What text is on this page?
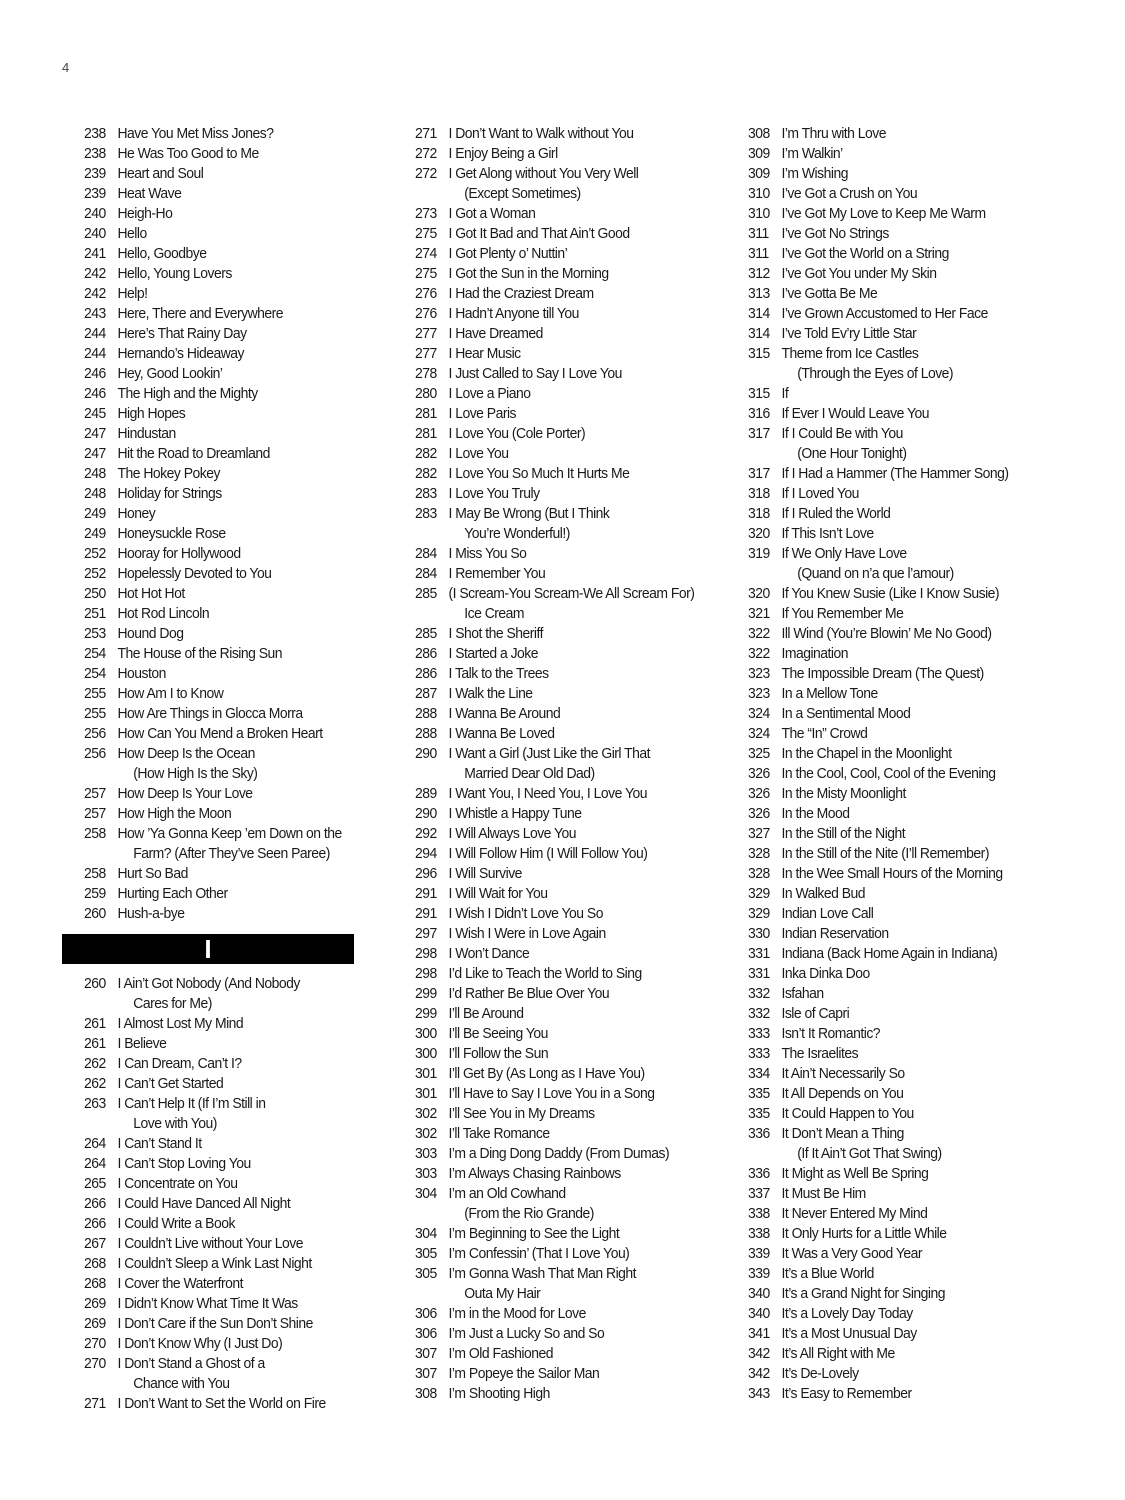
4
238 Have You Met Miss Jones?
238 He Was Too Good to Me
239 Heart and Soul
239 Heat Wave
240 Heigh-Ho
240 Hello
241 Hello, Goodbye
242 Hello, Young Lovers
242 Help!
243 Here, There and Everywhere
244 Here’s That Rainy Day
244 Hernando’s Hideaway
246 Hey, Good Lookin’
246 The High and the Mighty
245 High Hopes
247 Hindustan
247 Hit the Road to Dreamland
248 The Hokey Pokey
248 Holiday for Strings
249 Honey
249 Honeysuckle Rose
252 Hooray for Hollywood
252 Hopelessly Devoted to You
250 Hot Hot Hot
251 Hot Rod Lincoln
253 Hound Dog
254 The House of the Rising Sun
254 Houston
255 How Am I to Know
255 How Are Things in Glocca Morra
256 How Can You Mend a Broken Heart
256 How Deep Is the Ocean
(How High Is the Sky)
257 How Deep Is Your Love
257 How High the Moon
258 How ’Ya Gonna Keep ’em Down on the
Farm? (After They’ve Seen Paree)
258 Hurt So Bad
259 Hurting Each Other
260 Hush-a-bye
I
260 I Ain’t Got Nobody (And Nobody
Cares for Me)
261 I Almost Lost My Mind
261 I Believe
262 I Can Dream, Can’t I?
262 I Can’t Get Started
263 I Can’t Help It (If I’m Still in
Love with You)
264 I Can’t Stand It
264 I Can’t Stop Loving You
265 I Concentrate on You
266 I Could Have Danced All Night
266 I Could Write a Book
267 I Couldn’t Live without Your Love
268 I Couldn’t Sleep a Wink Last Night
268 I Cover the Waterfront
269 I Didn’t Know What Time It Was
269 I Don’t Care if the Sun Don’t Shine
270 I Don’t Know Why (I Just Do)
270 I Don’t Stand a Ghost of a
Chance with You
271 I Don’t Want to Set the World on Fire
271 I Don’t Want to Walk without You
272 I Enjoy Being a Girl
272 I Get Along without You Very Well
(Except Sometimes)
273 I Got a Woman
275 I Got It Bad and That Ain’t Good
274 I Got Plenty o’ Nuttin’
275 I Got the Sun in the Morning
276 I Had the Craziest Dream
276 I Hadn’t Anyone till You
277 I Have Dreamed
277 I Hear Music
278 I Just Called to Say I Love You
280 I Love a Piano
281 I Love Paris
281 I Love You (Cole Porter)
282 I Love You
282 I Love You So Much It Hurts Me
283 I Love You Truly
283 I May Be Wrong (But I Think
You’re Wonderful!)
284 I Miss You So
284 I Remember You
285 (I Scream-You Scream-We All Scream For)
Ice Cream
285 I Shot the Sheriff
286 I Started a Joke
286 I Talk to the Trees
287 I Walk the Line
288 I Wanna Be Around
288 I Wanna Be Loved
290 I Want a Girl (Just Like the Girl That
Married Dear Old Dad)
289 I Want You, I Need You, I Love You
290 I Whistle a Happy Tune
292 I Will Always Love You
294 I Will Follow Him (I Will Follow You)
296 I Will Survive
291 I Will Wait for You
291 I Wish I Didn’t Love You So
297 I Wish I Were in Love Again
298 I Won’t Dance
298 I’d Like to Teach the World to Sing
299 I’d Rather Be Blue Over You
299 I’ll Be Around
300 I’ll Be Seeing You
300 I’ll Follow the Sun
301 I’ll Get By (As Long as I Have You)
301 I’ll Have to Say I Love You in a Song
302 I’ll See You in My Dreams
302 I’ll Take Romance
303 I’m a Ding Dong Daddy (From Dumas)
303 I’m Always Chasing Rainbows
304 I’m an Old Cowhand
(From the Rio Grande)
304 I’m Beginning to See the Light
305 I’m Confessin’ (That I Love You)
305 I’m Gonna Wash That Man Right
Outa My Hair
306 I’m in the Mood for Love
306 I’m Just a Lucky So and So
307 I’m Old Fashioned
307 I’m Popeye the Sailor Man
308 I’m Shooting High
308 I’m Thru with Love
309 I’m Walkin’
309 I’m Wishing
310 I’ve Got a Crush on You
310 I’ve Got My Love to Keep Me Warm
311 I’ve Got No Strings
311 I’ve Got the World on a String
312 I’ve Got You under My Skin
313 I’ve Gotta Be Me
314 I’ve Grown Accustomed to Her Face
314 I’ve Told Ev’ry Little Star
315 Theme from Ice Castles
(Through the Eyes of Love)
315 If
316 If Ever I Would Leave You
317 If I Could Be with You
(One Hour Tonight)
317 If I Had a Hammer (The Hammer Song)
318 If I Loved You
318 If I Ruled the World
320 If This Isn’t Love
319 If We Only Have Love
(Quand on n’a que l’amour)
320 If You Knew Susie (Like I Know Susie)
321 If You Remember Me
322 Ill Wind (You’re Blowin’ Me No Good)
322 Imagination
323 The Impossible Dream (The Quest)
323 In a Mellow Tone
324 In a Sentimental Mood
324 The “In” Crowd
325 In the Chapel in the Moonlight
326 In the Cool, Cool, Cool of the Evening
326 In the Misty Moonlight
326 In the Mood
327 In the Still of the Night
328 In the Still of the Nite (I’ll Remember)
328 In the Wee Small Hours of the Morning
329 In Walked Bud
329 Indian Love Call
330 Indian Reservation
331 Indiana (Back Home Again in Indiana)
331 Inka Dinka Doo
332 Isfahan
332 Isle of Capri
333 Isn’t It Romantic?
333 The Israelites
334 It Ain’t Necessarily So
335 It All Depends on You
335 It Could Happen to You
336 It Don’t Mean a Thing
(If It Ain’t Got That Swing)
336 It Might as Well Be Spring
337 It Must Be Him
338 It Never Entered My Mind
338 It Only Hurts for a Little While
339 It Was a Very Good Year
339 It’s a Blue World
340 It’s a Grand Night for Singing
340 It’s a Lovely Day Today
341 It’s a Most Unusual Day
342 It’s All Right with Me
342 It’s De-Lovely
343 It’s Easy to Remember
